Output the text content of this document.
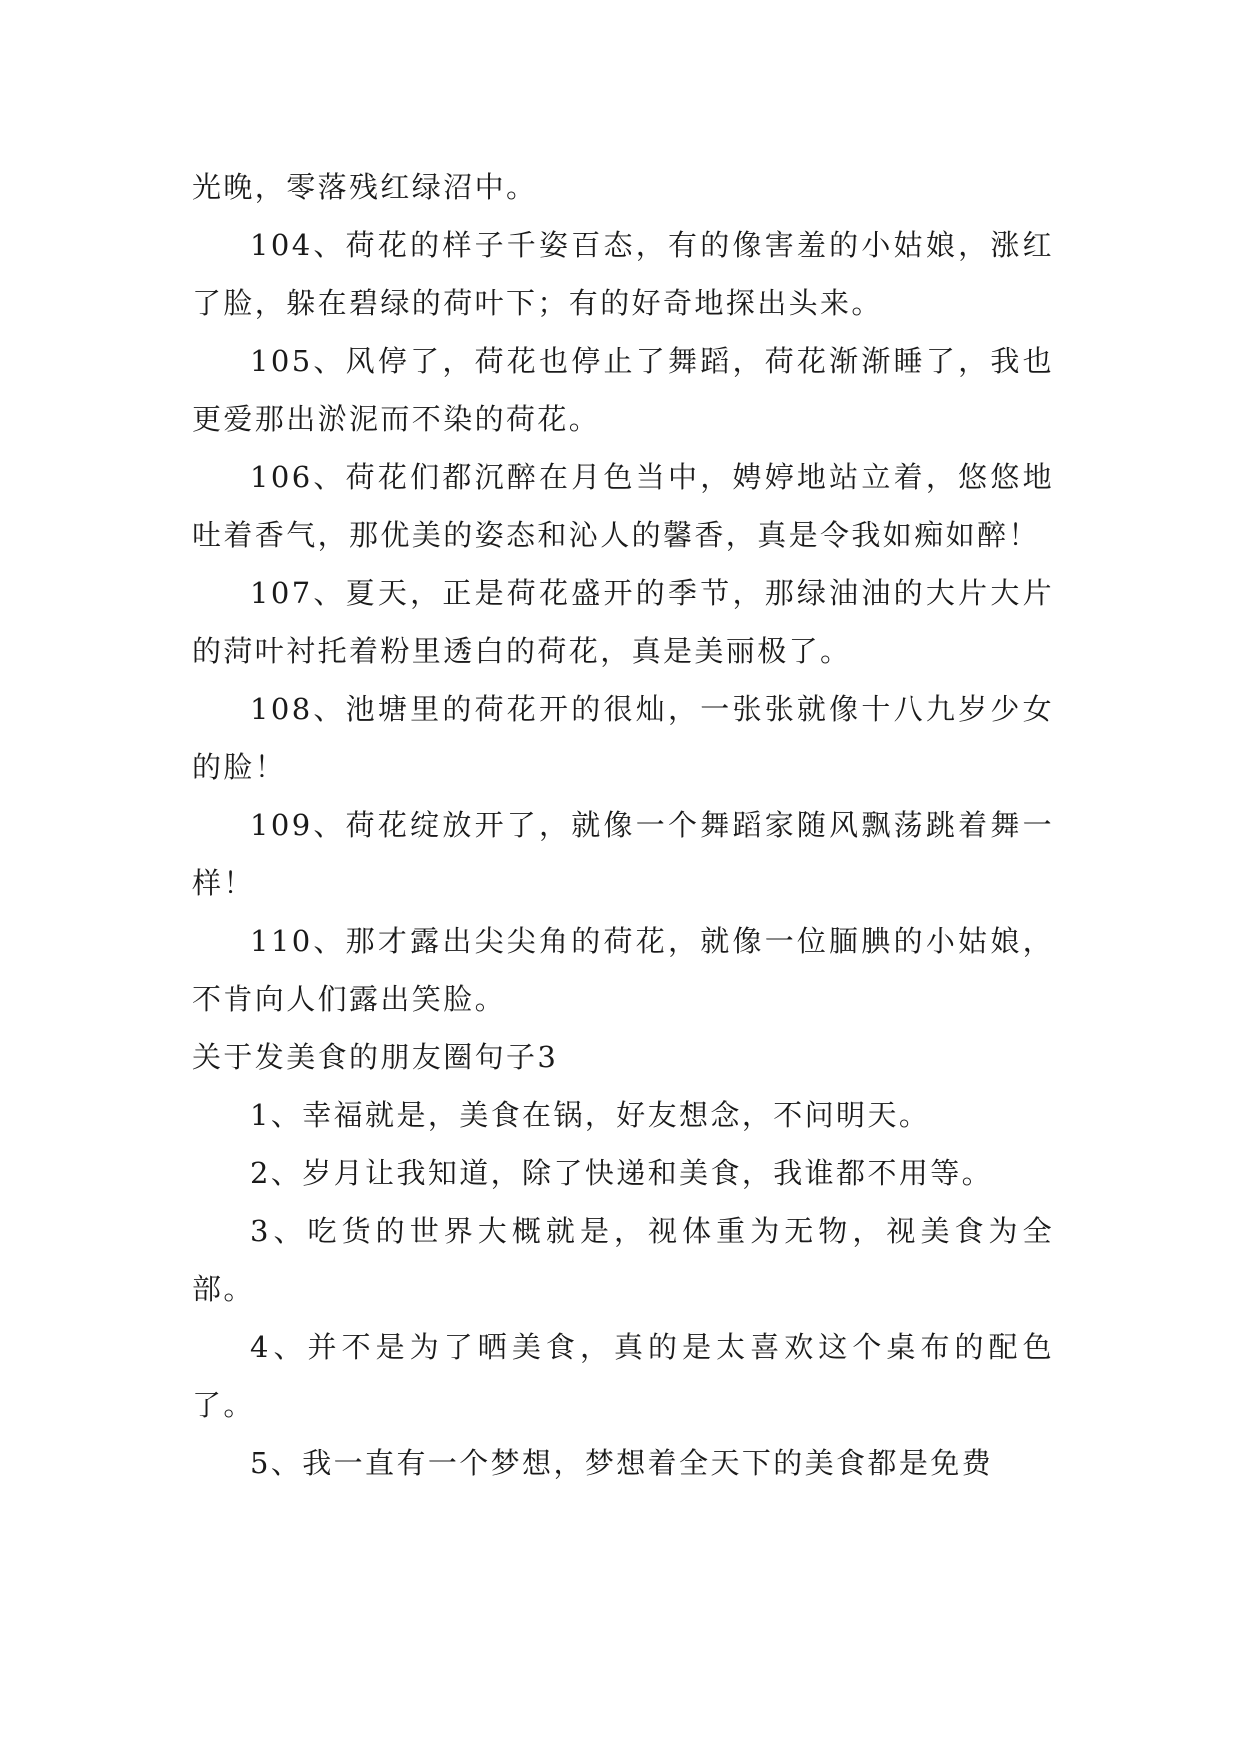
光晚，零落残红绿沼中。

104、荷花的样子千姿百态，有的像害羞的小姑娘，涨红了脸，躲在碧绿的荷叶下；有的好奇地探出头来。

105、风停了，荷花也停止了舞蹈，荷花渐渐睡了，我也更爱那出淤泥而不染的荷花。

106、荷花们都沉醉在月色当中，娉婷地站立着，悠悠地吐着香气，那优美的姿态和沁人的馨香，真是令我如痴如醉！

107、夏天，正是荷花盛开的季节，那绿油油的大片大片的菏叶衬托着粉里透白的荷花，真是美丽极了。

108、池塘里的荷花开的很灿，一张张就像十八九岁少女的脸！

109、荷花绽放开了，就像一个舞蹈家随风飘荡跳着舞一样！

110、那才露出尖尖角的荷花，就像一位腼腆的小姑娘，不肯向人们露出笑脸。

关于发美食的朋友圈句子3

1、幸福就是，美食在锅，好友想念，不问明天。

2、岁月让我知道，除了快递和美食，我谁都不用等。

3、吃货的世界大概就是，视体重为无物，视美食为全部。

4、并不是为了晒美食，真的是太喜欢这个桌布的配色了。

5、我一直有一个梦想，梦想着全天下的美食都是免费
